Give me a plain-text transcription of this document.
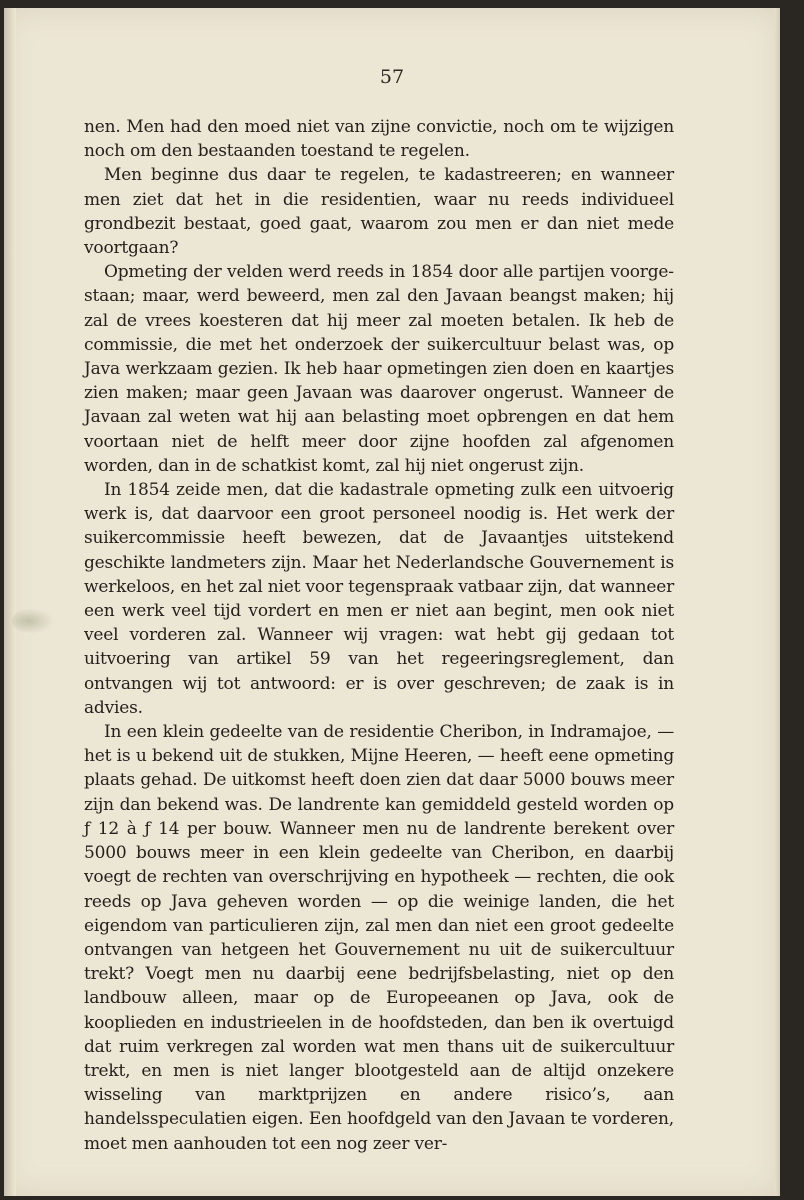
57

nen. Men had den moed niet van zijne convictie, noch om te wijzigen noch om den bestaanden toestand te regelen.

Men beginne dus daar te regelen, te kadastreeren; en wanneer men ziet dat het in die residentien, waar nu reeds individueel grondbezit bestaat, goed gaat, waarom zou men er dan niet mede voortgaan?

Opmeting der velden werd reeds in 1854 door alle partijen voorgestaan; maar, werd beweerd, men zal den Javaan beangst maken; hij zal de vrees koesteren dat hij meer zal moeten betalen. Ik heb de commissie, die met het onderzoek der suikercultuur belast was, op Java werkzaam gezien. Ik heb haar opmetingen zien doen en kaartjes zien maken; maar geen Javaan was daarover ongerust. Wanneer de Javaan zal weten wat hij aan belasting moet opbrengen en dat hem voortaan niet de helft meer door zijne hoofden zal afgenomen worden, dan in de schatkist komt, zal hij niet ongerust zijn.

In 1854 zeide men, dat die kadastrale opmeting zulk een uitvoerig werk is, dat daarvoor een groot personeel noodig is. Het werk der suikercommissie heeft bewezen, dat de Javaantjes uitstekend geschikte landmeters zijn. Maar het Nederlandsche Gouvernement is werkeloos, en het zal niet voor tegenspraak vatbaar zijn, dat wanneer een werk veel tijd vordert en men er niet aan begint, men ook niet veel vorderen zal. Wanneer wij vragen: wat hebt gij gedaan tot uitvoering van artikel 59 van het regeeringsreglement, dan ontvangen wij tot antwoord: er is over geschreven; de zaak is in advies.

In een klein gedeelte van de residentie Cheribon, in Indramajoe, — het is u bekend uit de stukken, Mijne Heeren, — heeft eene opmeting plaats gehad. De uitkomst heeft doen zien dat daar 5000 bouws meer zijn dan bekend was. De landrente kan gemiddeld gesteld worden op ƒ 12 à ƒ 14 per bouw. Wanneer men nu de landrente berekent over 5000 bouws meer in een klein gedeelte van Cheribon, en daarbij voegt de rechten van overschrijving en hypotheek — rechten, die ook reeds op Java geheven worden — op die weinige landen, die het eigendom van particulieren zijn, zal men dan niet een groot gedeelte ontvangen van hetgeen het Gouvernement nu uit de suikercultuur trekt? Voegt men nu daarbij eene bedrijfsbelasting, niet op den landbouw alleen, maar op de Europeeanen op Java, ook de kooplieden en industrieelen in de hoofdsteden, dan ben ik overtuigd dat ruim verkregen zal worden wat men thans uit de suikercultuur trekt, en men is niet langer blootgesteld aan de altijd onzekere wisseling van marktprijzen en andere risico’s, aan handelsspeculatien eigen. Een hoofdgeld van den Javaan te vorderen, moet men aanhouden tot een nog zeer ver-
